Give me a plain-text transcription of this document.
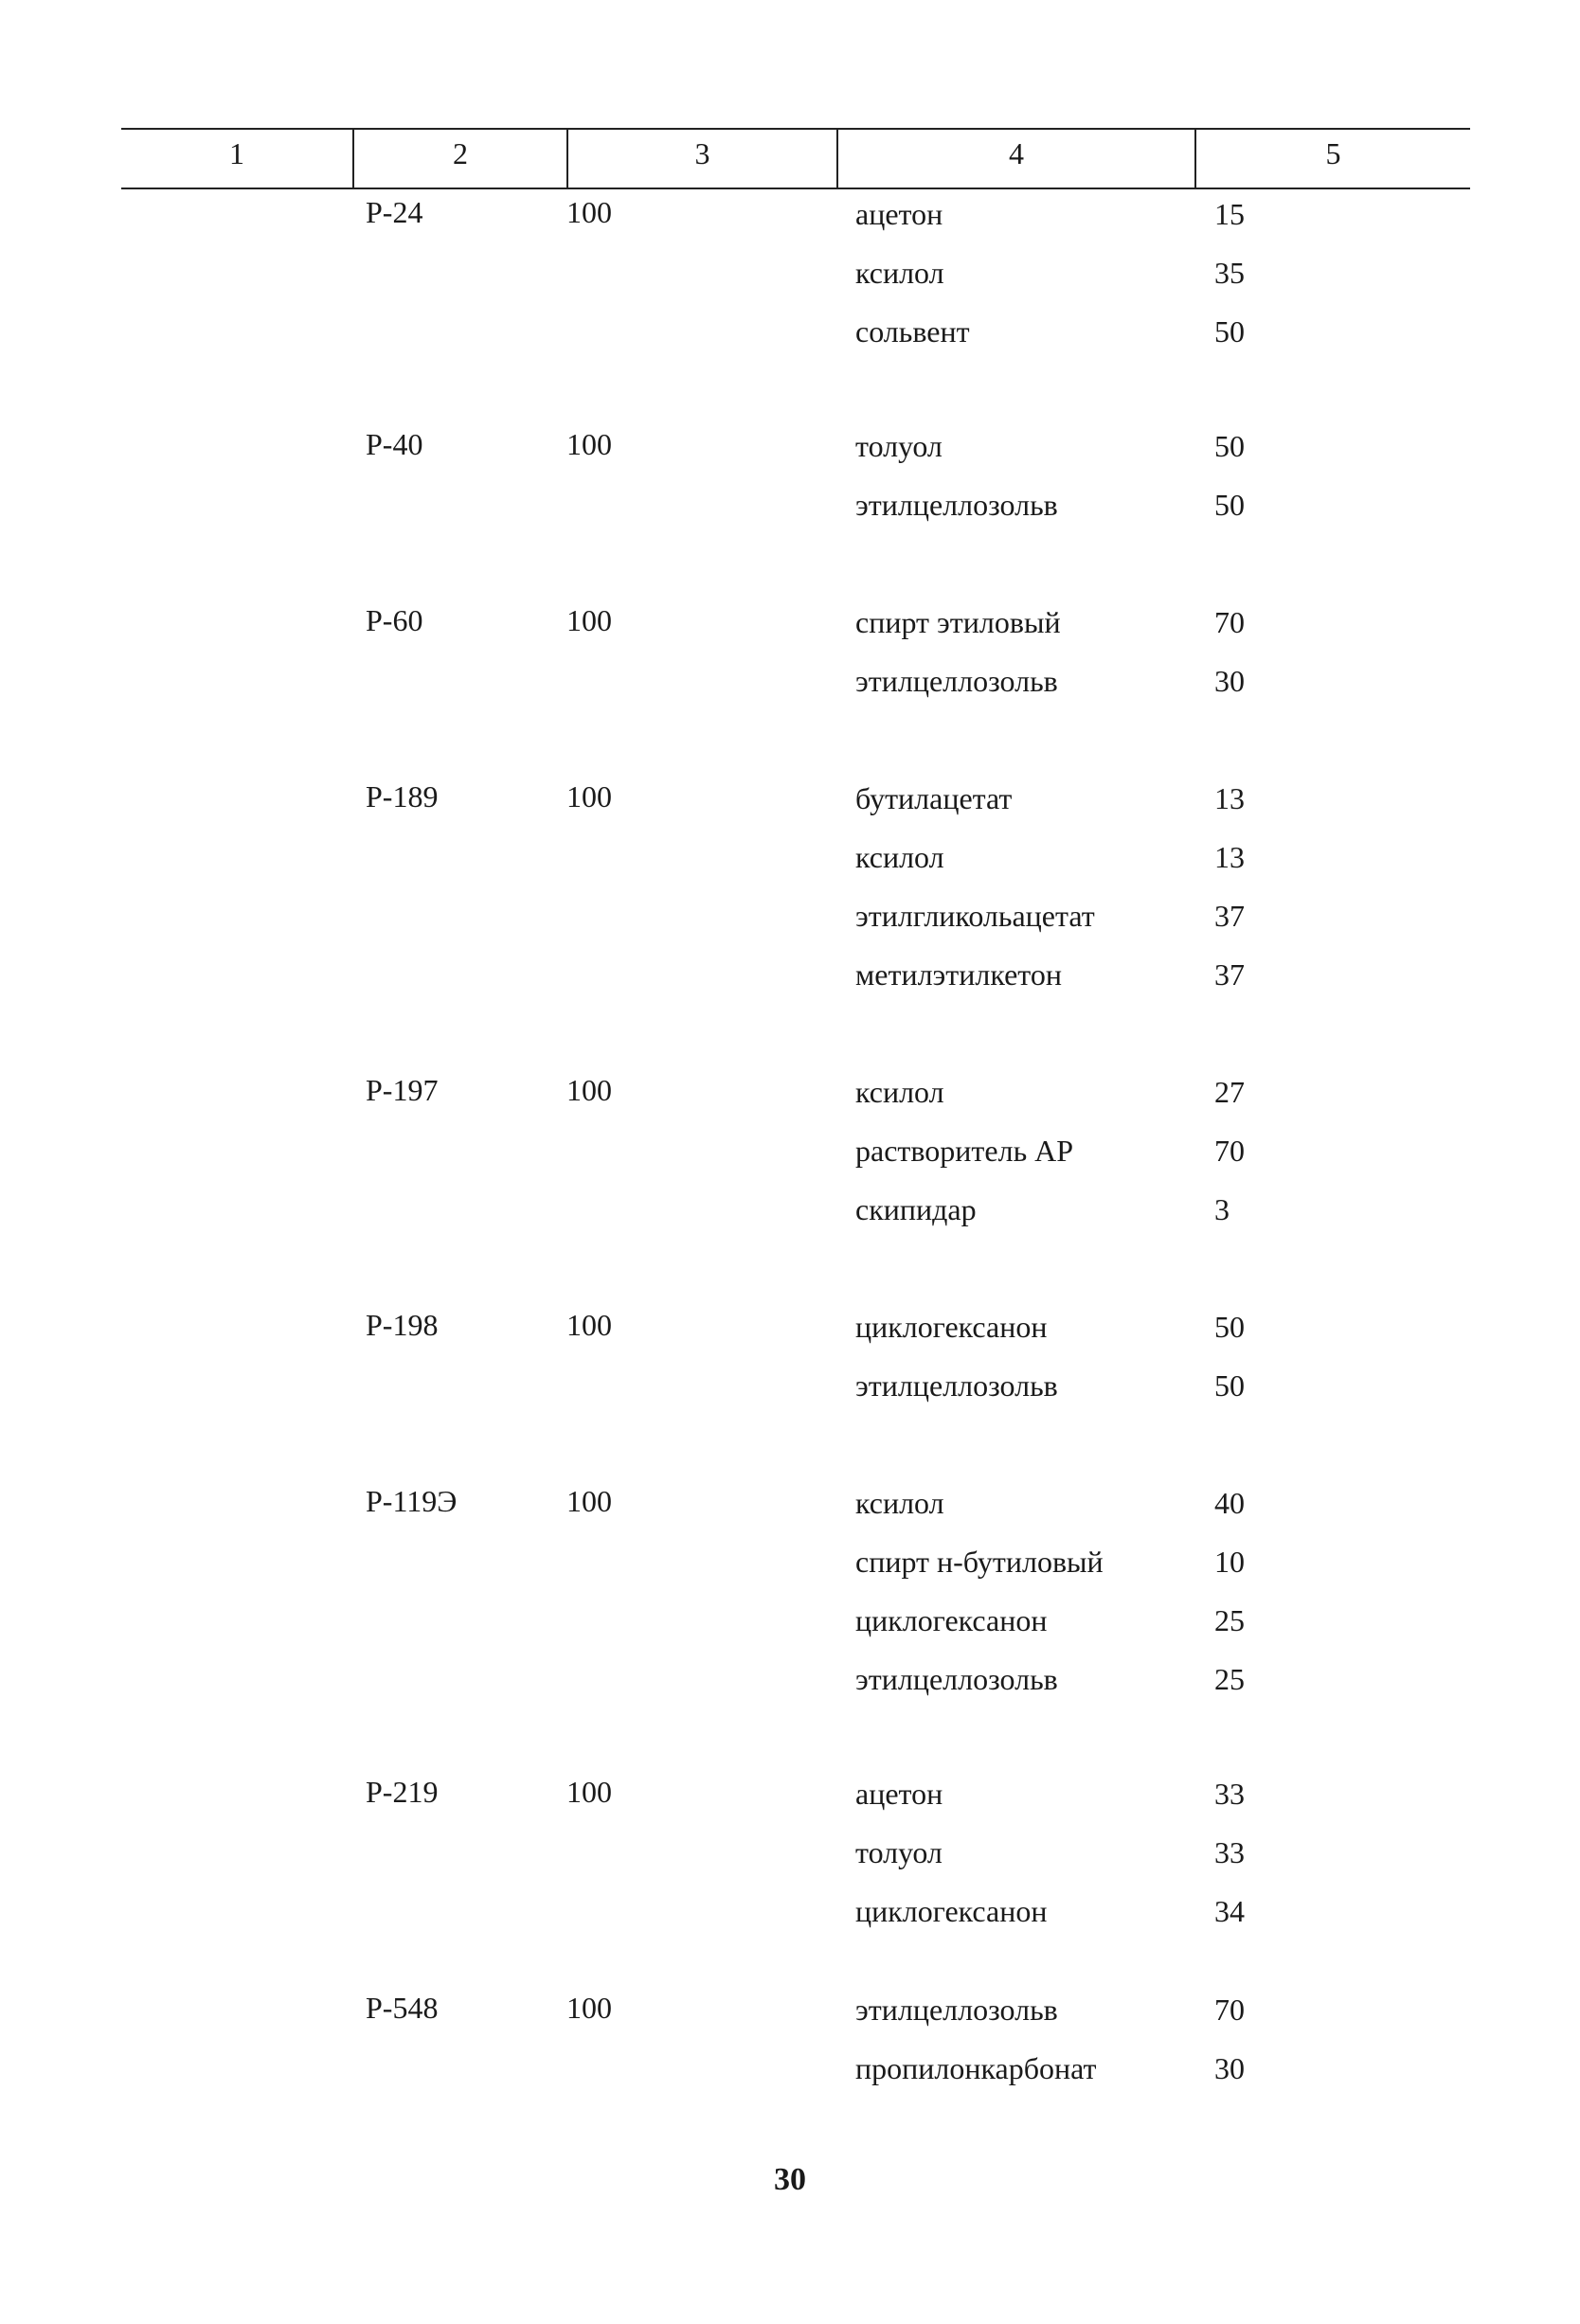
1	2	3	4	5
Р-24	100	ацетон	15
ксилол	35
сольвент	50
Р-40	100	толуол	50
этилцеллозольв	50
Р-60	100	спирт этиловый	70
этилцеллозольв	30
Р-189	100	бутилацетат	13
ксилол	13
этилгликольацетат	37
метилэтилкетон	37
Р-197	100	ксилол	27
растворитель АР	70
скипидар	3
Р-198	100	циклогексанон	50
этилцеллозольв	50
Р-119Э	100	ксилол	40
спирт н-бутиловый	10
циклогексанон	25
этилцеллозольв	25
Р-219	100	ацетон	33
толуол	33
циклогексанон	34
Р-548	100	этилцеллозольв	70
пропилонкарбонат	30
30
